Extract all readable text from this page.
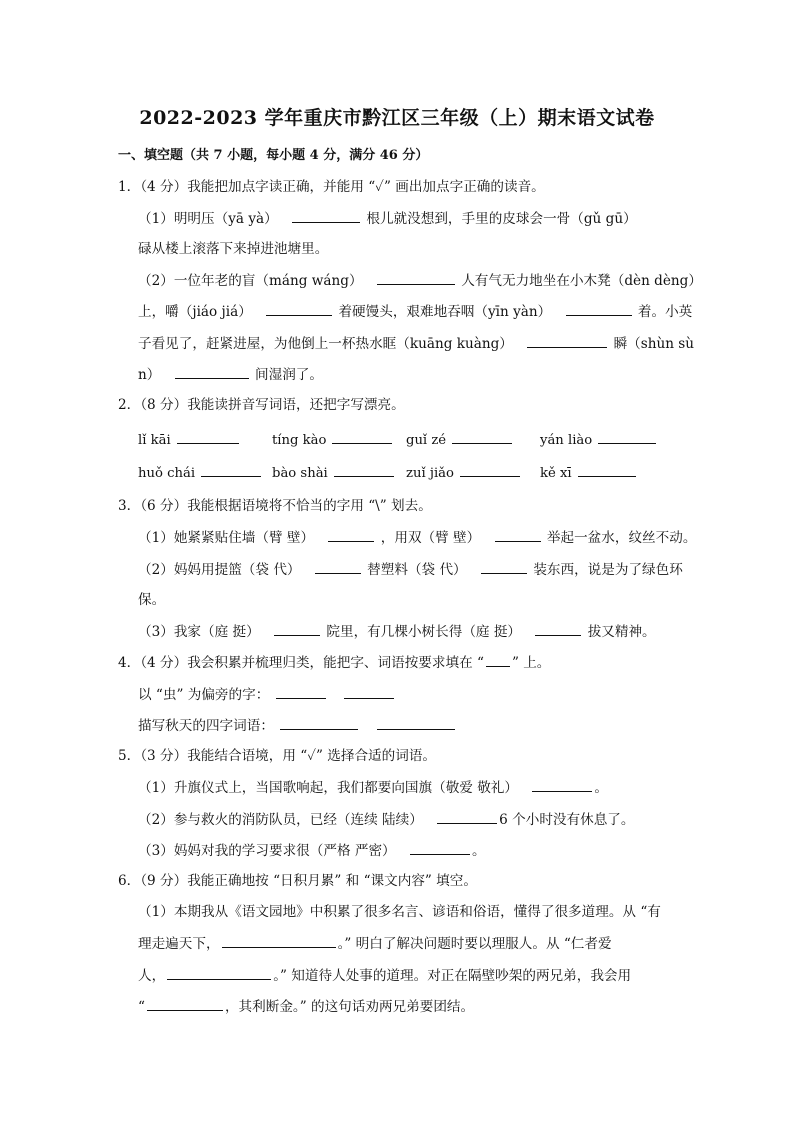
2022-2023 学年重庆市黔江区三年级（上）期末语文试卷
一、填空题（共 7 小题，每小题 4 分，满分 46 分）
1．（4 分）我能把加点字读正确，并能用 “✓” 画出加点字正确的读音。
（1）明明压（yā yà）	根儿就没想到，手里的皮球会一骨（gǔ gū）
碌从楼上滚落下来掉进池塘里。
（2）一位年老的盲（máng wáng）	人有气无力地坐在小木凳（dèn dèng）
上，嚼（jiáo jiá）	着硬馒头，艰难地吞咽（yīn yàn）	着。小英
子看见了，赶紧进屋，为他倒上一杯热水眶（kuāng kuàng）	瞬（shùn sù
n）	间湿润了。
2．（8 分）我能读拼音写词语，还把字写漂亮。
lǐ kāi	tíng kào	guǐ zé	yán liào
huǒ chái	bào shài	zuǐ jiǎo	kě xī
3．（6 分）我能根据语境将不恰当的字用 “\” 划去。
（1）她紧紧贴住墙（臂 壁）	，用双（臂 壁）	举起一盆水，纹丝不动。
（2）妈妈用提篮（袋 代）	替塑料（袋 代）	装东西，说是为了绿色环
保。
（3）我家（庭 挺）	院里，有几棵小树长得（庭 挺）	拔又精神。
4．（4 分）我会积累并梳理归类，能把字、词语按要求填在 “ ” 上。
以 “虫” 为偏旁的字：
描写秋天的四字词语：
5．（3 分）我能结合语境，用 “✓” 选择合适的词语。
（1）升旗仪式上，当国歌响起，我们都要向国旗（敬爱 敬礼）	。
（2）参与救火的消防队员，已经（连续 陆续）	6 个小时没有休息了。
（3）妈妈对我的学习要求很（严格 严密）	。
6．（9 分）我能正确地按 “日积月累” 和 “课文内容” 填空。
（1）本期我从《语文园地》中积累了很多名言、谚语和俗语，懂得了很多道理。从 “有
理走遍天下，	。” 明白了解决问题时要以理服人。从 “仁者爱
人，	。” 知道待人处事的道理。对正在隔壁吵架的两兄弟，我会用
“	，其利断金。” 的这句话劝两兄弟要团结。
